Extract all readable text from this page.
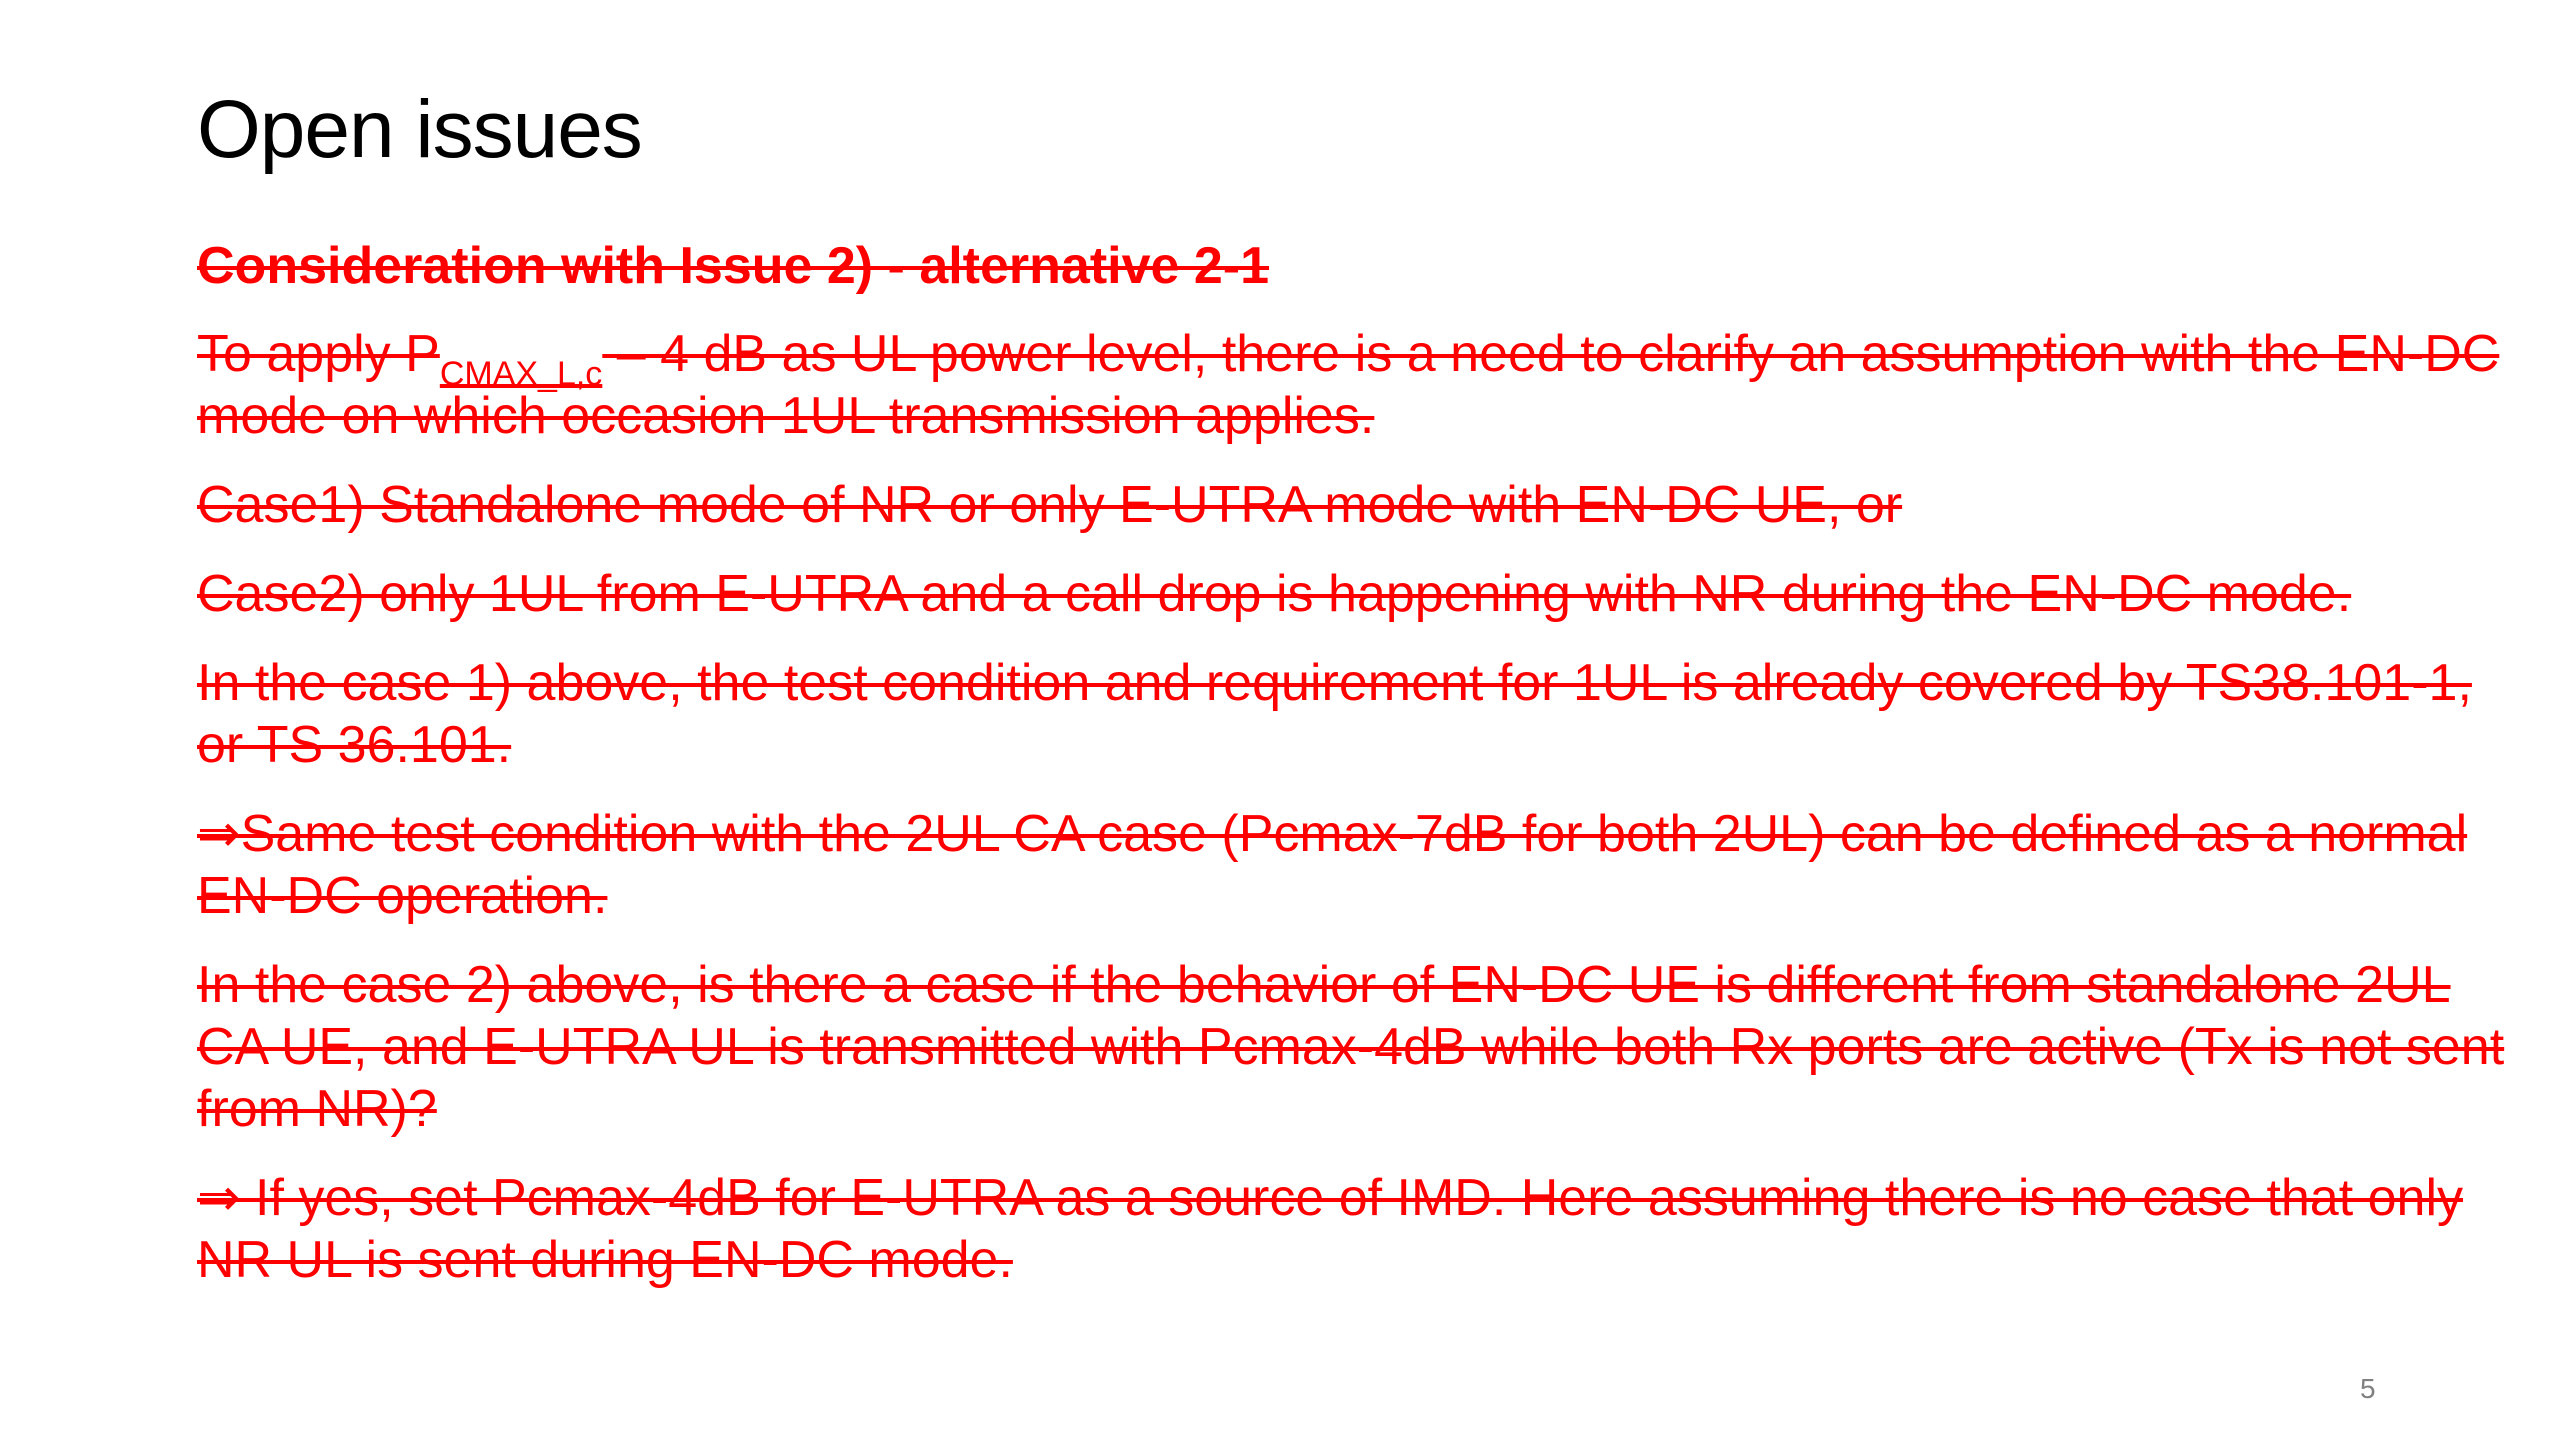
Open issues

Consideration with Issue 2) - alternative 2-1

To apply $P_{CMAX\_L,c} - 4$ dB as UL power level, there is a need to clarify an assumption with the EN-DC mode on which occasion 1UL transmission applies.

Case1) Standalone mode of NR or only E-UTRA mode with EN-DC UE, or

Case2) only 1UL from E-UTRA and a call drop is happening with NR during the EN-DC mode.

In the case 1) above, the test condition and requirement for 1UL is already covered by TS38.101-1, or TS 36.101.

⇒Same test condition with the 2UL CA case (Pcmax-7dB for both 2UL) can be defined as a normal EN-DC operation.

In the case 2) above, is there a case if the behavior of EN-DC UE is different from standalone 2UL CA UE, and E-UTRA UL is transmitted with Pcmax-4dB while both Rx ports are active (Tx is not sent from NR)?

⇒ If yes, set Pcmax-4dB for E-UTRA as a source of IMD. Here assuming there is no case that only NR UL is sent during EN-DC mode.

5
